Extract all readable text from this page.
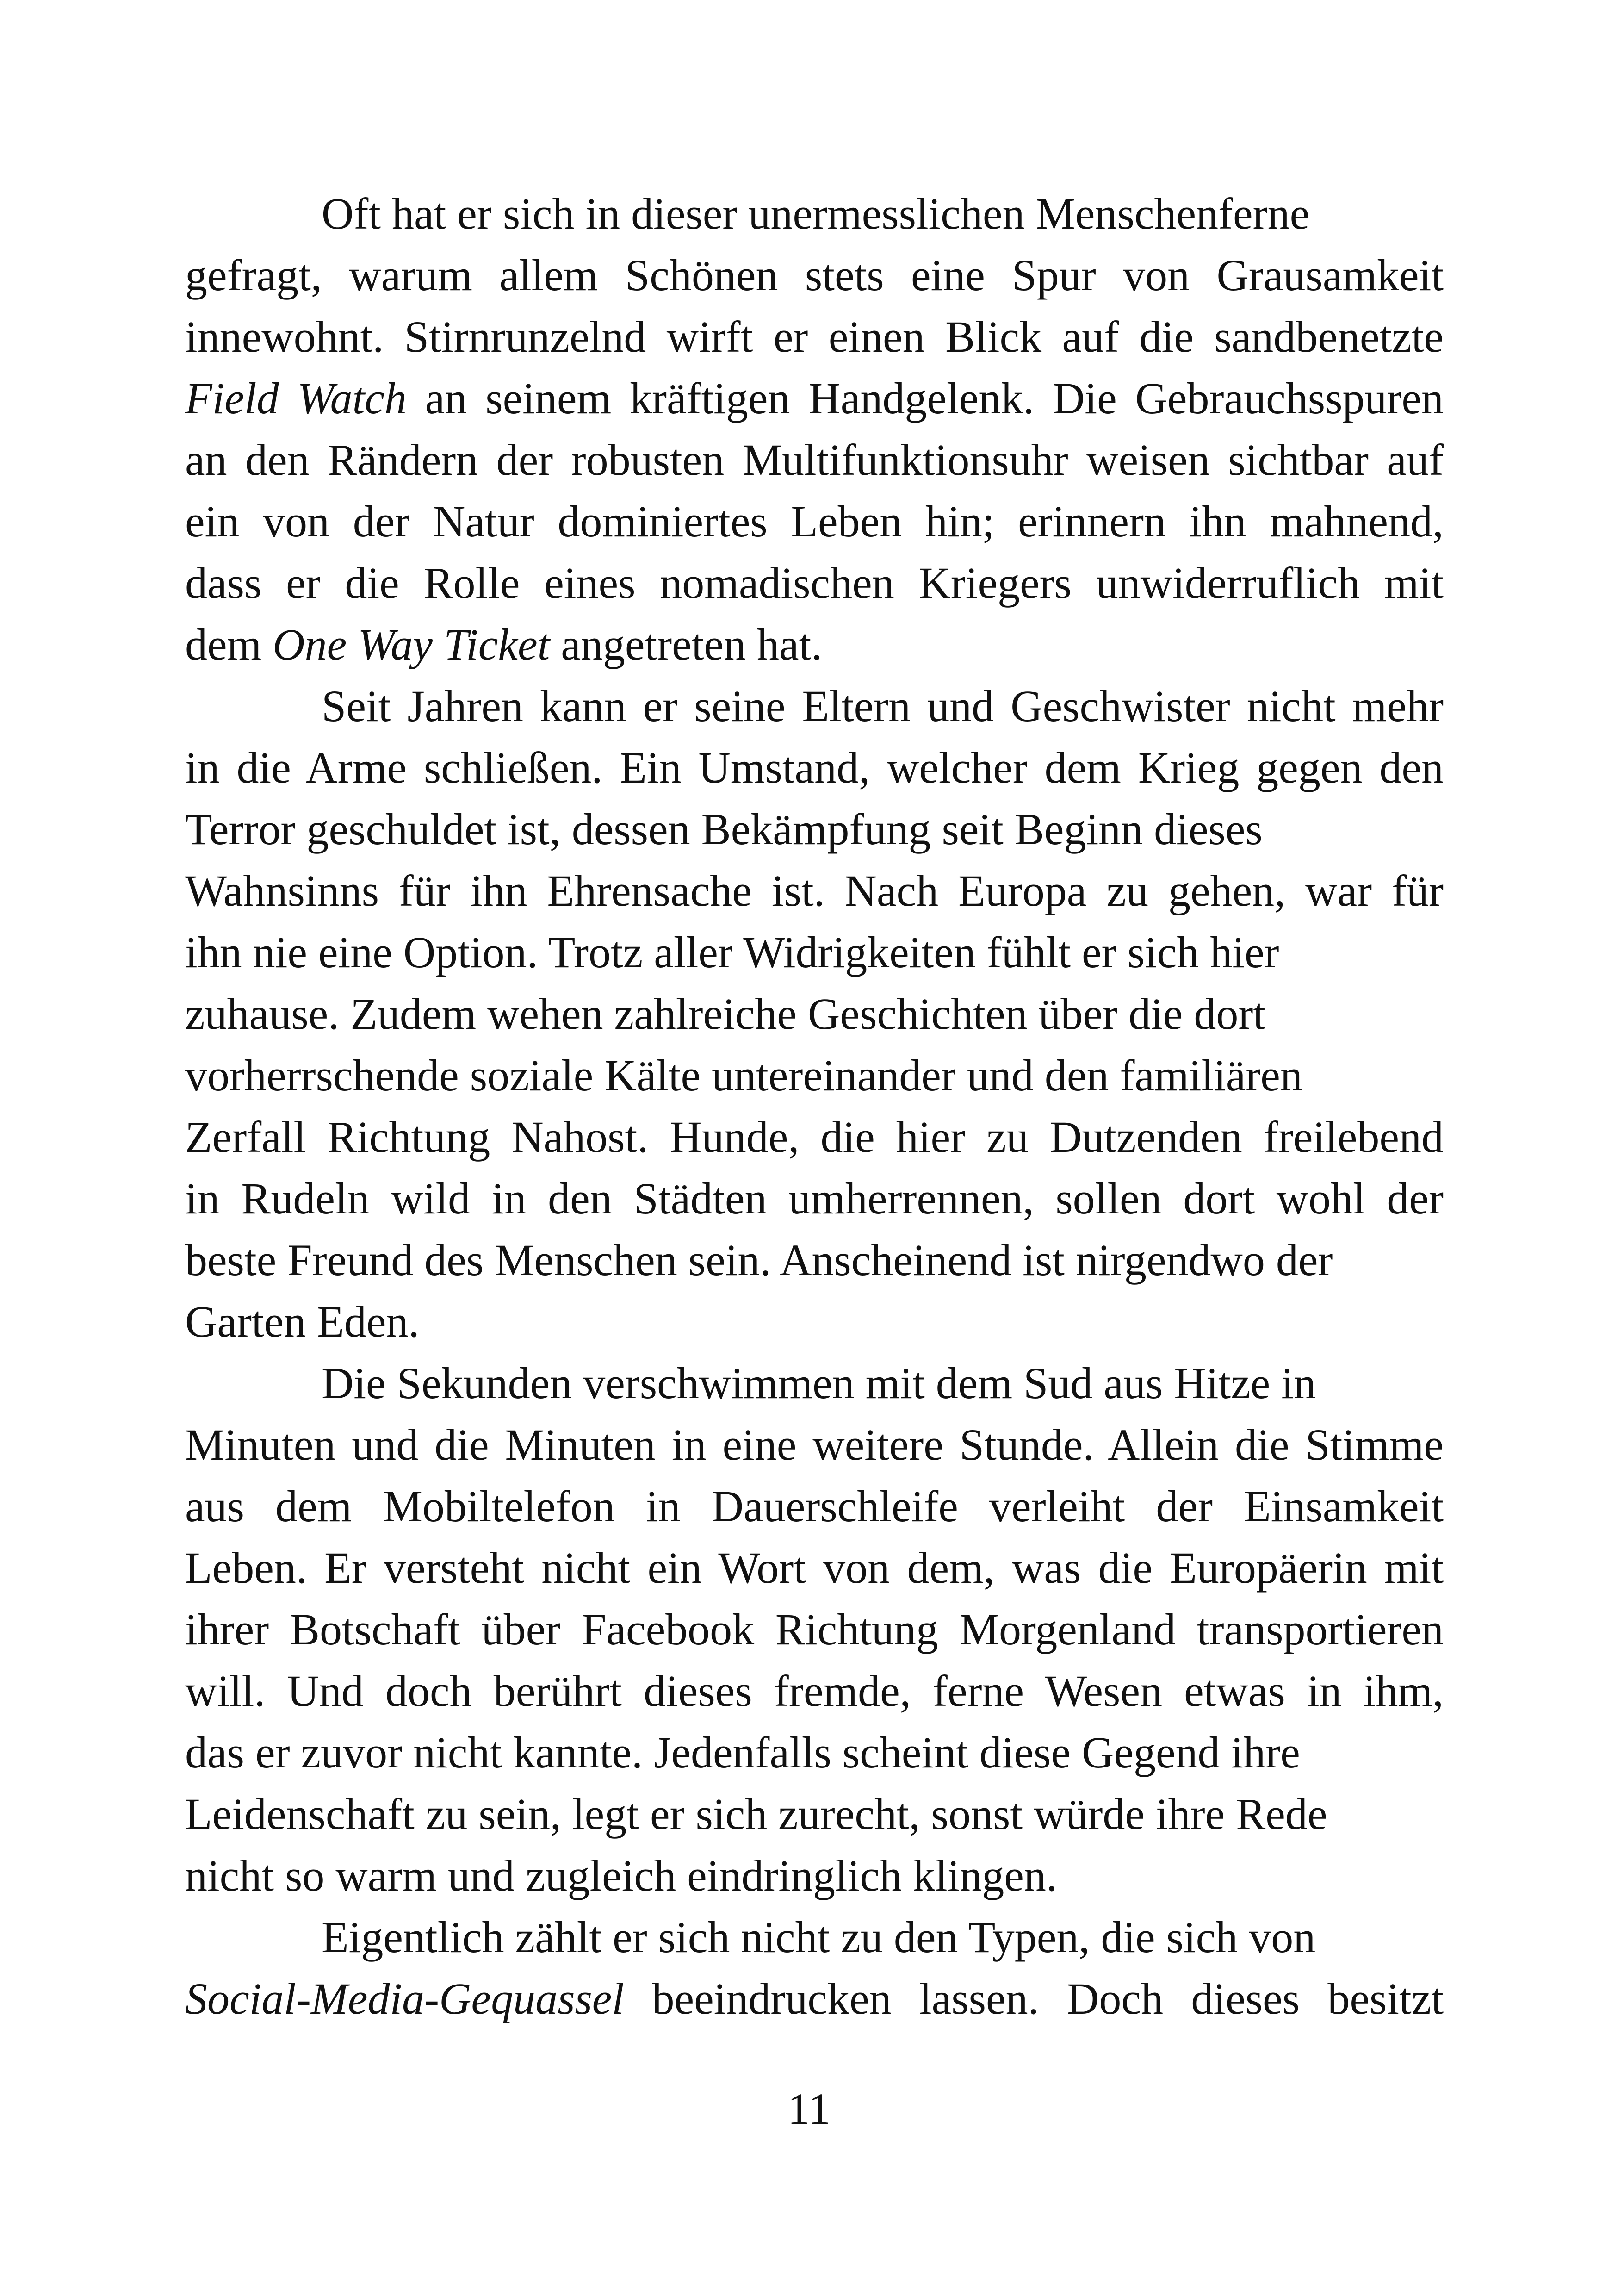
Oft hat er sich in dieser unermesslichen Menschenferne
gefragt, warum allem Schönen stets eine Spur von Grausamkeit
innewohnt. Stirnrunzelnd wirft er einen Blick auf die sandbenetzte
Field Watch an seinem kräftigen Handgelenk. Die Gebrauchsspuren
an den Rändern der robusten Multifunktionsuhr weisen sichtbar auf
ein von der Natur dominiertes Leben hin; erinnern ihn mahnend,
dass er die Rolle eines nomadischen Kriegers unwiderruflich mit
dem One Way Ticket angetreten hat.
Seit Jahren kann er seine Eltern und Geschwister nicht mehr
in die Arme schließen. Ein Umstand, welcher dem Krieg gegen den
Terror geschuldet ist, dessen Bekämpfung seit Beginn dieses
Wahnsinns für ihn Ehrensache ist. Nach Europa zu gehen, war für
ihn nie eine Option. Trotz aller Widrigkeiten fühlt er sich hier
zuhause. Zudem wehen zahlreiche Geschichten über die dort
vorherrschende soziale Kälte untereinander und den familiären
Zerfall Richtung Nahost. Hunde, die hier zu Dutzenden freilebend
in Rudeln wild in den Städten umherrennen, sollen dort wohl der
beste Freund des Menschen sein. Anscheinend ist nirgendwo der
Garten Eden.
Die Sekunden verschwimmen mit dem Sud aus Hitze in
Minuten und die Minuten in eine weitere Stunde. Allein die Stimme
aus dem Mobiltelefon in Dauerschleife verleiht der Einsamkeit
Leben. Er versteht nicht ein Wort von dem, was die Europäerin mit
ihrer Botschaft über Facebook Richtung Morgenland transportieren
will. Und doch berührt dieses fremde, ferne Wesen etwas in ihm,
das er zuvor nicht kannte. Jedenfalls scheint diese Gegend ihre
Leidenschaft zu sein, legt er sich zurecht, sonst würde ihre Rede
nicht so warm und zugleich eindringlich klingen.
Eigentlich zählt er sich nicht zu den Typen, die sich von
Social-Media-Gequassel beeindrucken lassen. Doch dieses besitzt
11
